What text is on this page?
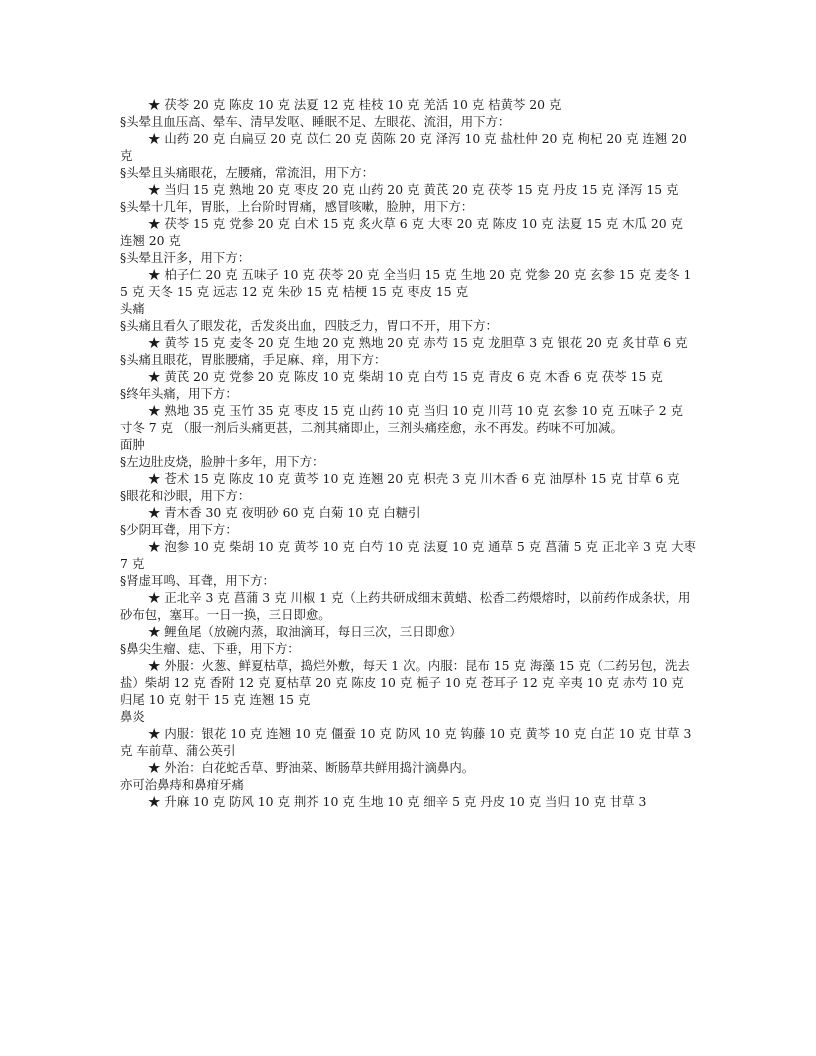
★ 茯苓 20 克 陈皮 10 克 法夏 12 克 桂枝 10 克 羌活 10 克 桔黄芩 20 克

§头晕且血压高、晕车、清早发呕、睡眠不足、左眼花、流泪，用下方：

★ 山药 20 克 白扁豆 20 克 苡仁 20 克 茵陈 20 克 泽泻 10 克 盐杜仲 20 克 枸杞 20 克 连翘 20 克

§头晕且头痛眼花，左腰痛，常流泪，用下方：

★ 当归 15 克 熟地 20 克 枣皮 20 克 山药 20 克 黄芪 20 克 茯苓 15 克 丹皮 15 克 泽泻 15 克

§头晕十几年，胃胀，上台阶时胃痛，感冒咳嗽，脸肿，用下方：

★ 茯苓 15 克 党参 20 克 白术 15 克 炙火草 6 克 大枣 20 克 陈皮 10 克 法夏 15 克 木瓜 20 克 连翘 20 克

§头晕且汗多，用下方：

★ 柏子仁 20 克 五味子 10 克 茯苓 20 克 全当归 15 克 生地 20 克 党参 20 克 玄参 15 克 麦冬 15 克 天冬 15 克 远志 12 克 朱砂 15 克 桔梗 15 克 枣皮 15 克

头痛

§头痛且看久了眼发花，舌发炎出血，四肢乏力，胃口不开，用下方：

★ 黄芩 15 克 麦冬 20 克 生地 20 克 熟地 20 克 赤芍 15 克 龙胆草 3 克 银花 20 克 炙甘草 6 克

§头痛且眼花，胃胀腰痛，手足麻、痒，用下方：

★ 黄芪 20 克 党参 20 克 陈皮 10 克 柴胡 10 克 白芍 15 克 青皮 6 克 木香 6 克 茯苓 15 克

§终年头痛，用下方：

★ 熟地 35 克 玉竹 35 克 枣皮 15 克 山药 10 克 当归 10 克 川芎 10 克 玄参 10 克 五味子 2 克 寸冬 7 克 （服一剂后头痛更甚，二剂其痛即止，三剂头痛痊愈，永不再发。药味不可加减。

面肿

§左边肚皮烧，脸肿十多年，用下方：

★ 苍术 15 克 陈皮 10 克 黄芩 10 克 连翘 20 克 枳壳 3 克 川木香 6 克 油厚朴 15 克 甘草 6 克

§眼花和沙眼，用下方：

★ 青木香 30 克 夜明砂 60 克 白菊 10 克 白糖引

§少阴耳聋，用下方：

★ 泡参 10 克 柴胡 10 克 黄芩 10 克 白芍 10 克 法夏 10 克 通草 5 克 菖蒲 5 克 正北辛 3 克 大枣 7 克

§肾虚耳鸣、耳聋，用下方：

★ 正北辛 3 克 菖蒲 3 克 川椒 1 克（上药共研成细末黄蜡、松香二药煨熔时，以前药作成条状，用砂布包，塞耳。一日一换，三日即愈。

★ 鲤鱼尾（放碗内蒸，取油滴耳，每日三次，三日即愈）

§鼻尖生瘤、痣、下垂，用下方：

★ 外服：火葱、鲜夏枯草，捣烂外敷，每天 1 次。内服：昆布 15 克 海藻 15 克（二药另包，洗去盐）柴胡 12 克 香附 12 克 夏枯草 20 克 陈皮 10 克 栀子 10 克 苍耳子 12 克 辛夷 10 克 赤芍 10 克 归尾 10 克 射干 15 克 连翘 15 克

鼻炎

★ 内服：银花 10 克 连翘 10 克 僵蚕 10 克 防风 10 克 钩藤 10 克 黄芩 10 克 白芷 10 克 甘草 3 克 车前草、蒲公英引

★ 外治：白花蛇舌草、野油菜、断肠草共鲜用捣汁滴鼻内。

亦可治鼻痔和鼻疳牙痛

★ 升麻 10 克 防风 10 克 荆芥 10 克 生地 10 克 细辛 5 克 丹皮 10 克 当归 10 克 甘草 3
